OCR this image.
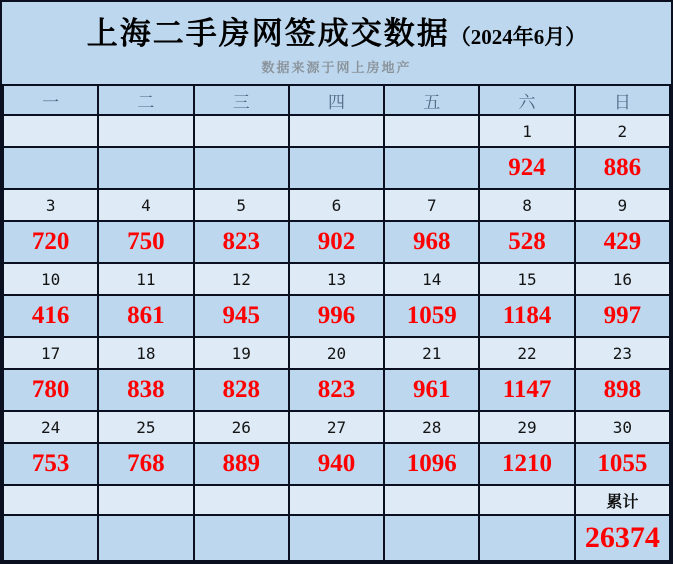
上海二手房网签成交数据（2024年6月）
数据来源于网上房地产
一	二	三	四	五	六	日
					1	2
					924	886
3	4	5	6	7	8	9
720	750	823	902	968	528	429
10	11	12	13	14	15	16
416	861	945	996	1059	1184	997
17	18	19	20	21	22	23
780	838	828	823	961	1147	898
24	25	26	27	28	29	30
753	768	889	940	1096	1210	1055
						累计
						26374
